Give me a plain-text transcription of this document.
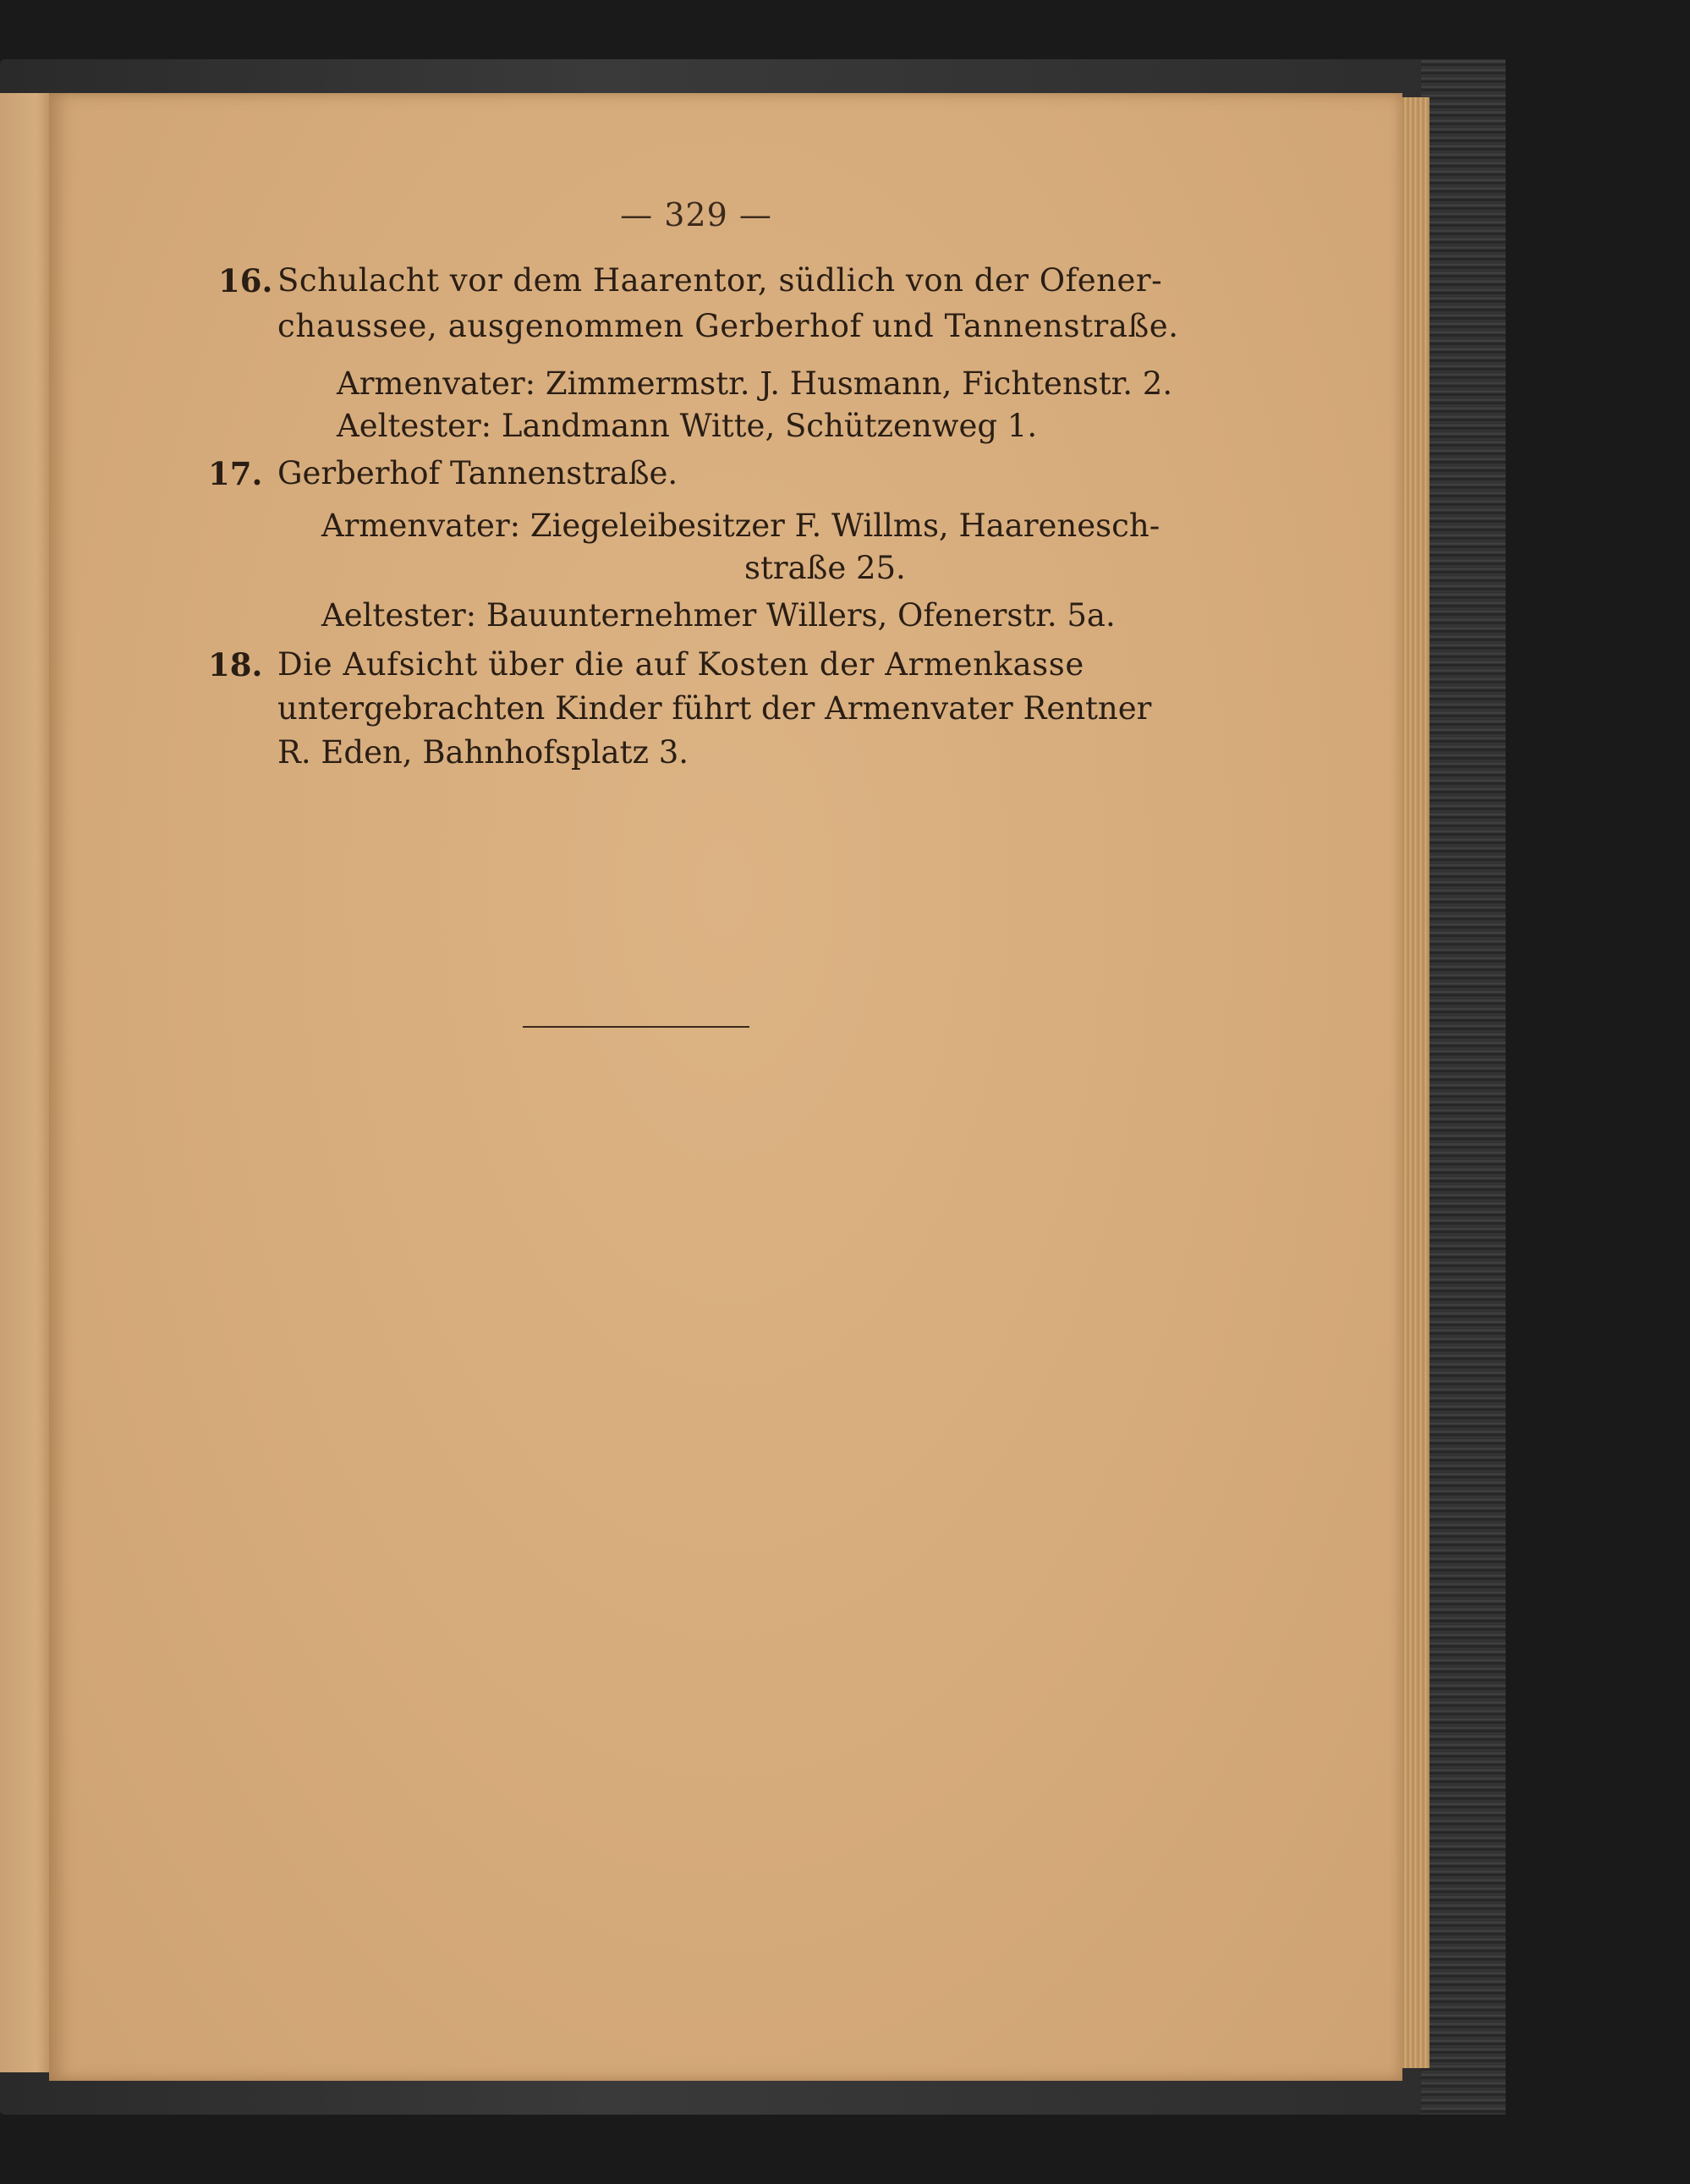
— 329 —
16. Schulacht vor dem Haarentor, südlich von der Ofener-
chaussee, ausgenommen Gerberhof und Tannenstraße.
Armenvater: Zimmermstr. J. Husmann, Fichtenstr. 2.
Aeltester: Landmann Witte, Schützenweg 1.
17. Gerberhof Tannenstraße.
Armenvater: Ziegeleibesitzer F. Willms, Haarenesch-
straße 25.
Aeltester: Bauunternehmer Willers, Ofenerstr. 5a.
18. Die Aufsicht über die auf Kosten der Armenkasse
untergebrachten Kinder führt der Armenvater Rentner
R. Eden, Bahnhofsplatz 3.
